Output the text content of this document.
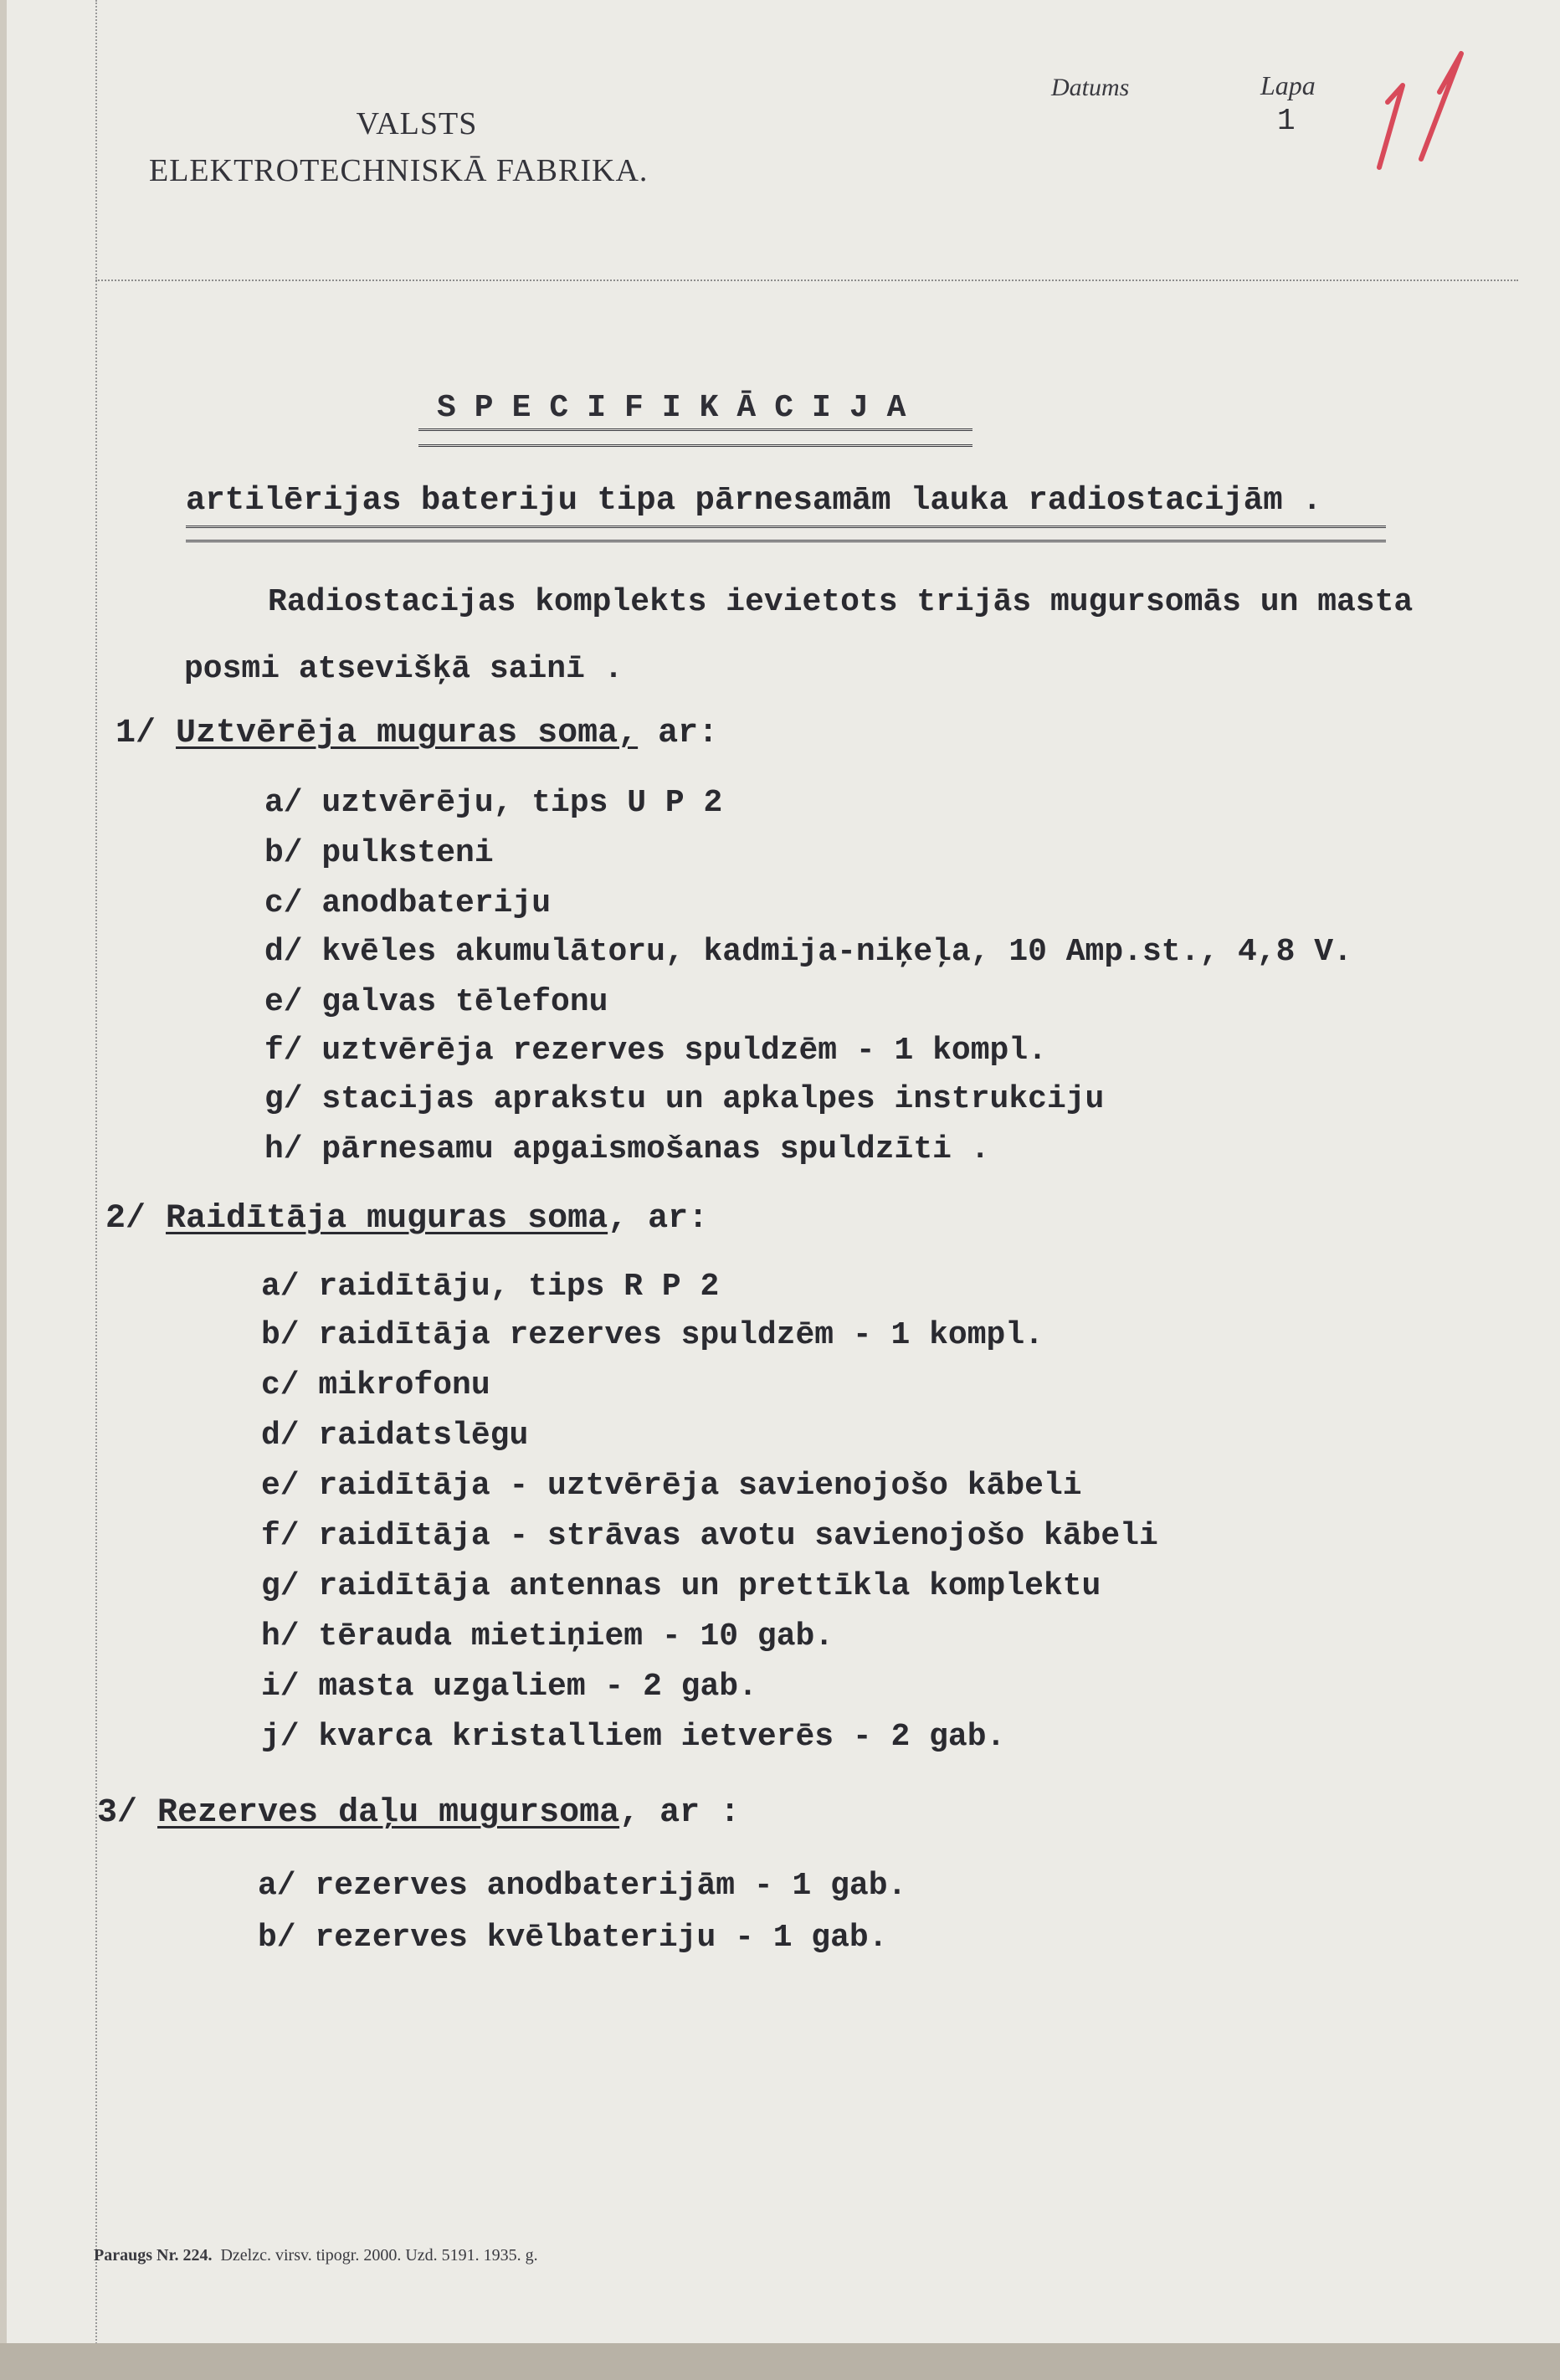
VALSTS
ELEKTROTECHNISKĀ FABRIKA.
Datums	Lapa
1
SPECIFIKĀCIJA
artilērijas bateriju tipa pārnesamām lauka radiostacijām .
Radiostacijas komplekts ievietots trijās mugursomās un masta
posmi atsevišķā sainī .
1/ Uztvērēja muguras soma, ar:
a/ uztvērēju, tips U P 2
b/ pulksteni
c/ anodbateriju
d/ kvēles akumulātoru, kadmija-niķeļa, 10 Amp.st., 4,8 V.
e/ galvas tēlefonu
f/ uztvērēja rezerves spuldzēm - 1 kompl.
g/ stacijas aprakstu un apkalpes instrukciju
h/ pārnesamu apgaismošanas spuldzīti .
2/ Raidītāja muguras soma, ar:
a/ raidītāju, tips R P 2
b/ raidītāja rezerves spuldzēm - 1 kompl.
c/ mikrofonu
d/ raidatslēgu
e/ raidītāja - uztvērēja savienojošo kābeli
f/ raidītāja - strāvas avotu savienojošo kābeli
g/ raidītāja antennas un prettīkla komplektu
h/ tērauda mietiņiem - 10 gab.
i/ masta uzgaliem - 2 gab.
j/ kvarca kristalliem ietverēs - 2 gab.
3/ Rezerves daļu mugursoma, ar :
a/ rezerves anodbaterijām - 1 gab.
b/ rezerves kvēlbateriju - 1 gab.
Paraugs Nr. 224. Dzelzc. virsv. tipogr. 2000. Uzd. 5191. 1935. g.
